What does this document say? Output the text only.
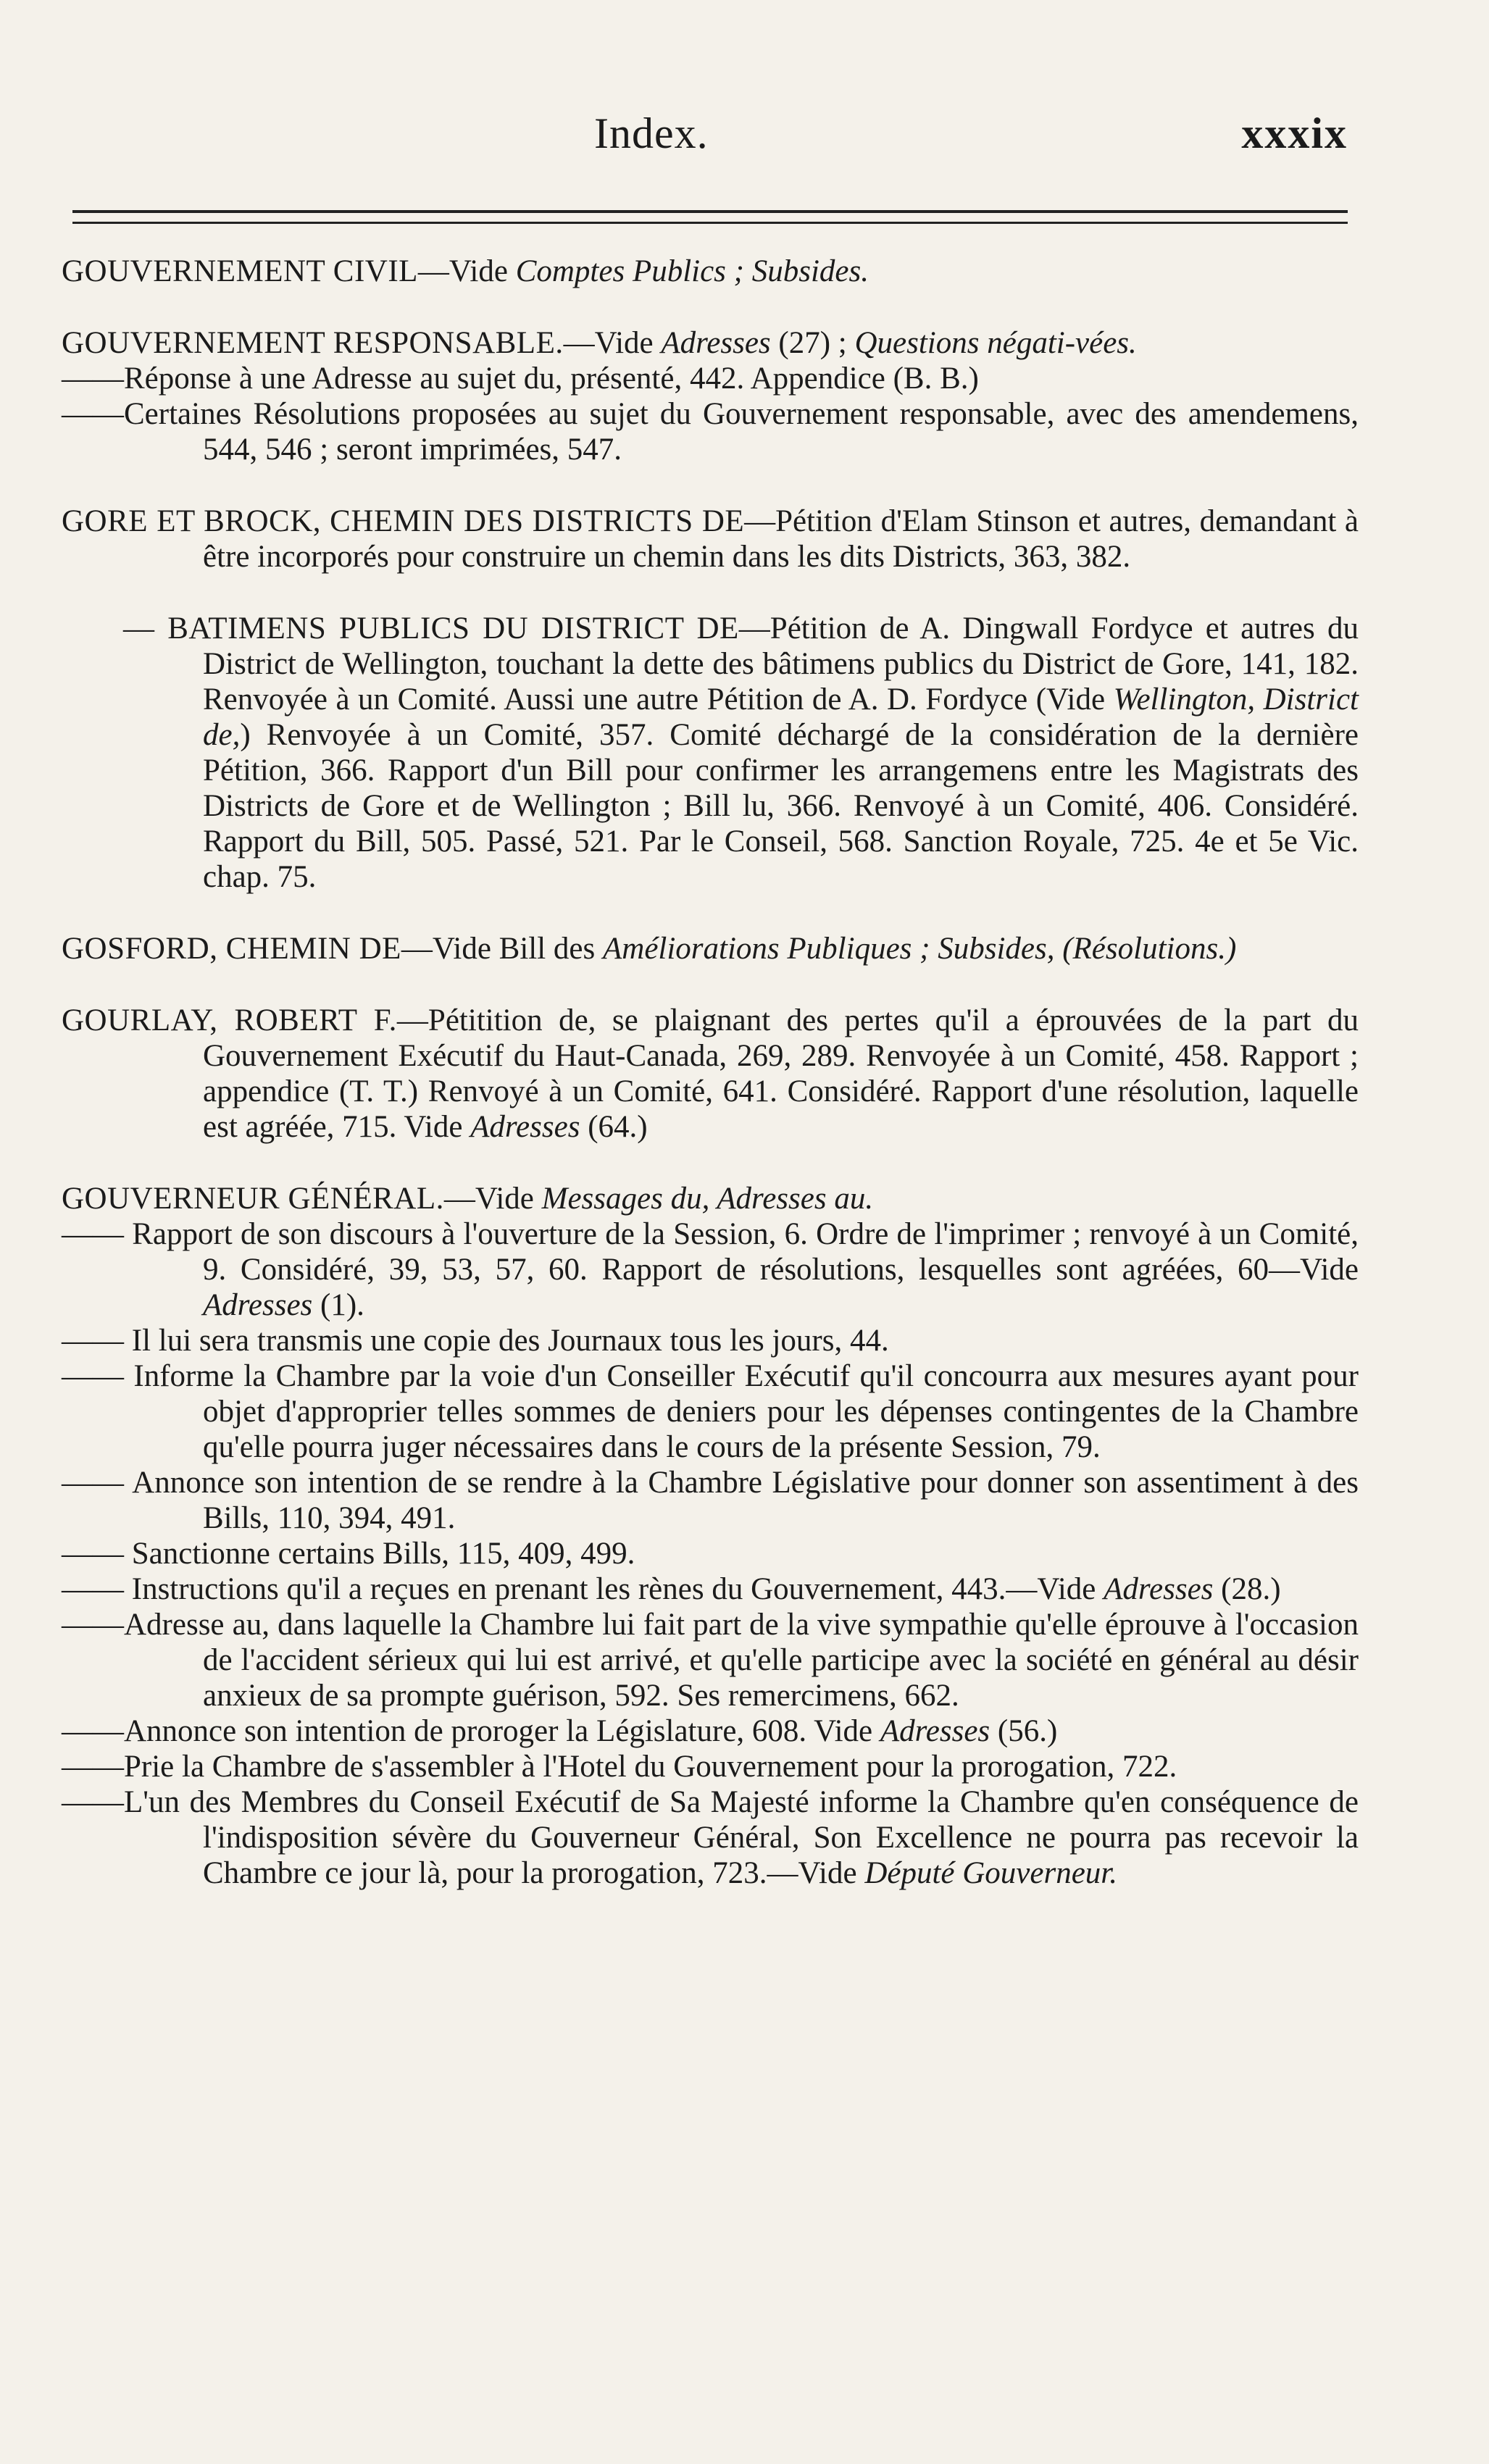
Index.	xxxix

GOUVERNEMENT CIVIL—Vide Comptes Publics ; Subsides.

GOUVERNEMENT RESPONSABLE.—Vide Adresses (27) ; Questions négati-vées.

——Réponse à une Adresse au sujet du, présenté, 442. Appendice (B. B.)

——Certaines Résolutions proposées au sujet du Gouvernement responsable, avec des amendemens, 544, 546 ; seront imprimées, 547.

GORE ET BROCK, CHEMIN DES DISTRICTS DE—Pétition d'Elam Stinson et autres, demandant à être incorporés pour construire un chemin dans les dits Districts, 363, 382.

— BATIMENS PUBLICS DU DISTRICT DE—Pétition de A. Dingwall Fordyce et autres du District de Wellington, touchant la dette des bâtimens publics du District de Gore, 141, 182. Renvoyée à un Comité. Aussi une autre Pétition de A. D. Fordyce (Vide Wellington, District de,) Renvoyée à un Comité, 357. Comité déchargé de la considération de la dernière Pétition, 366. Rapport d'un Bill pour confirmer les arrangemens entre les Magistrats des Districts de Gore et de Wellington ; Bill lu, 366. Renvoyé à un Comité, 406. Considéré. Rapport du Bill, 505. Passé, 521. Par le Conseil, 568. Sanction Royale, 725. 4e et 5e Vic. chap. 75.

GOSFORD, CHEMIN DE—Vide Bill des Améliorations Publiques ; Subsides, (Résolutions.)

GOURLAY, ROBERT F.—Pétitition de, se plaignant des pertes qu'il a éprouvées de la part du Gouvernement Exécutif du Haut-Canada, 269, 289. Renvoyée à un Comité, 458. Rapport ; appendice (T. T.) Renvoyé à un Comité, 641. Considéré. Rapport d'une résolution, laquelle est agréée, 715. Vide Adresses (64.)

GOUVERNEUR GÉNÉRAL.—Vide Messages du, Adresses au.

—— Rapport de son discours à l'ouverture de la Session, 6. Ordre de l'imprimer ; renvoyé à un Comité, 9. Considéré, 39, 53, 57, 60. Rapport de résolutions, lesquelles sont agréées, 60—Vide Adresses (1).

—— Il lui sera transmis une copie des Journaux tous les jours, 44.

—— Informe la Chambre par la voie d'un Conseiller Exécutif qu'il concourra aux mesures ayant pour objet d'approprier telles sommes de deniers pour les dépenses contingentes de la Chambre qu'elle pourra juger nécessaires dans le cours de la présente Session, 79.

—— Annonce son intention de se rendre à la Chambre Législative pour donner son assentiment à des Bills, 110, 394, 491.

—— Sanctionne certains Bills, 115, 409, 499.

—— Instructions qu'il a reçues en prenant les rènes du Gouvernement, 443.—Vide Adresses (28.)

——Adresse au, dans laquelle la Chambre lui fait part de la vive sympathie qu'elle éprouve à l'occasion de l'accident sérieux qui lui est arrivé, et qu'elle participe avec la société en général au désir anxieux de sa prompte guérison, 592. Ses remercimens, 662.

——Annonce son intention de proroger la Législature, 608. Vide Adresses (56.)

——Prie la Chambre de s'assembler à l'Hotel du Gouvernement pour la prorogation, 722.

——L'un des Membres du Conseil Exécutif de Sa Majesté informe la Chambre qu'en conséquence de l'indisposition sévère du Gouverneur Général, Son Excellence ne pourra pas recevoir la Chambre ce jour là, pour la prorogation, 723.—Vide Député Gouverneur.
